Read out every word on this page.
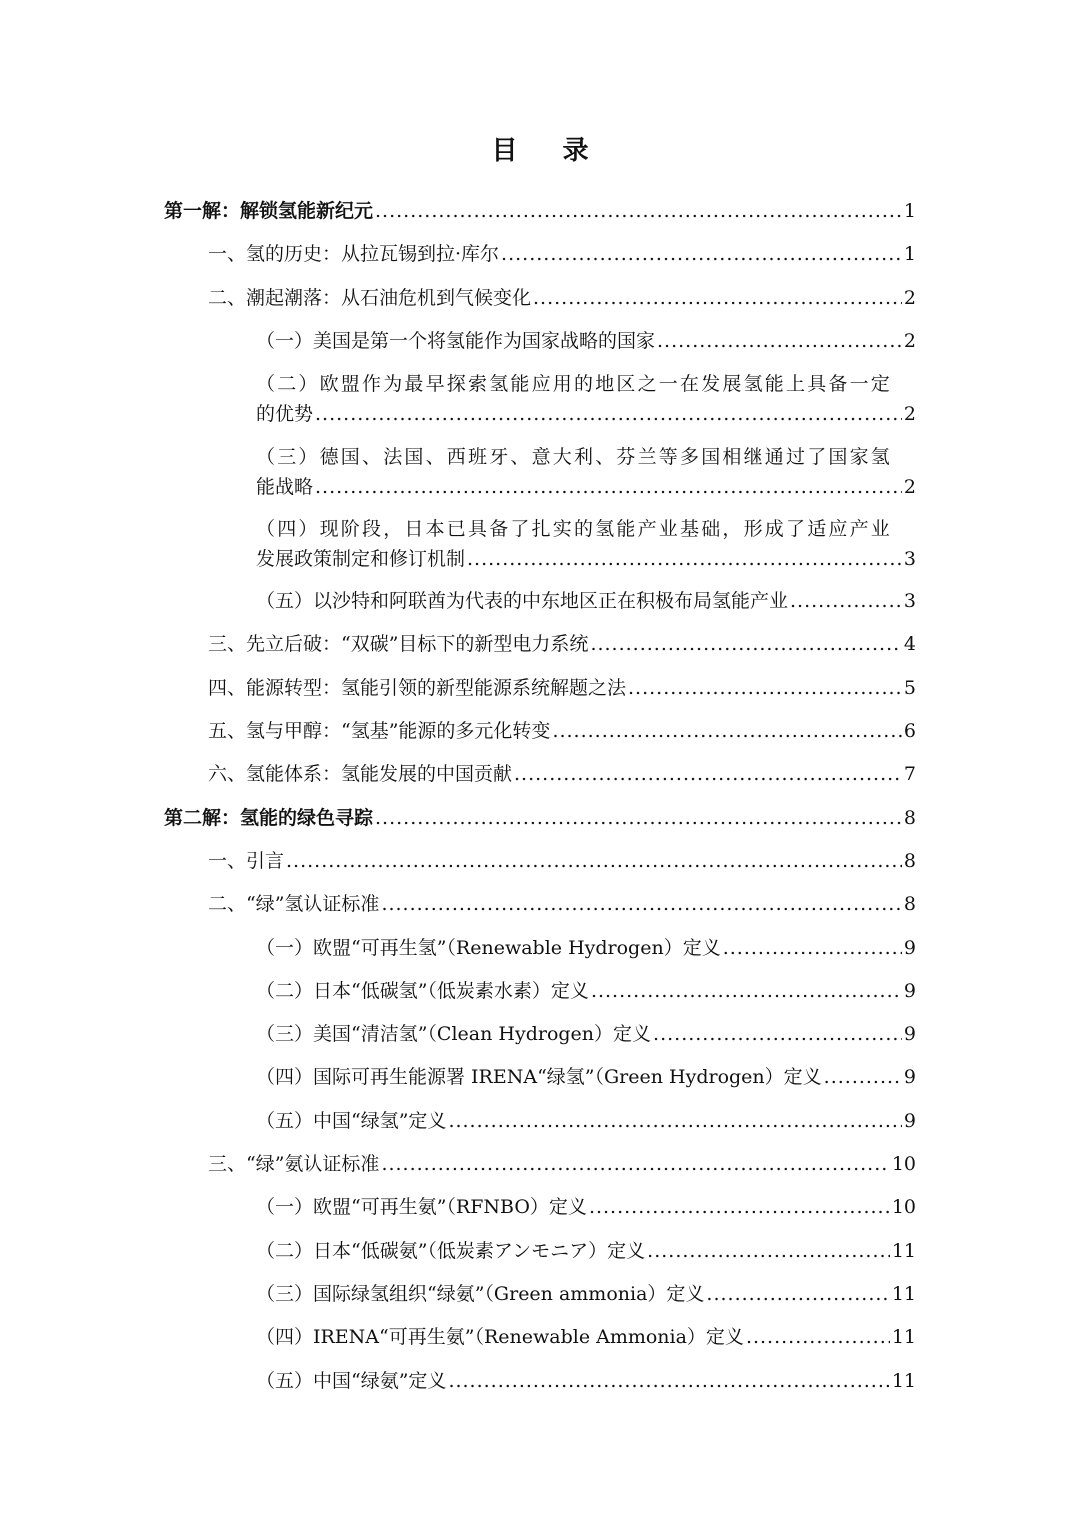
目 录
第一解：解锁氢能新纪元 .....	1
一、氢的历史：从拉瓦锡到拉·库尔 .....	1
二、潮起潮落：从石油危机到气候变化 .....	2
（一）美国是第一个将氢能作为国家战略的国家 .....	2
（二）欧盟作为最早探索氢能应用的地区之一在发展氢能上具备一定
的优势 .....	2
（三）德国、法国、西班牙、意大利、芬兰等多国相继通过了国家氢
能战略 .....	2
（四）现阶段，日本已具备了扎实的氢能产业基础，形成了适应产业
发展政策制定和修订机制 .....	3
（五）以沙特和阿联酋为代表的中东地区正在积极布局氢能产业 .....	3
三、先立后破：“双碳”目标下的新型电力系统 .....	4
四、能源转型：氢能引领的新型能源系统解题之法 .....	5
五、氢与甲醇：“氢基”能源的多元化转变 .....	6
六、氢能体系：氢能发展的中国贡献 .....	7
第二解：氢能的绿色寻踪 .....	8
一、引言 .....	8
二、“绿”氢认证标准 .....	8
（一）欧盟“可再生氢”（Renewable Hydrogen）定义 .....	9
（二）日本“低碳氢”（低炭素水素）定义 .....	9
（三）美国“清洁氢”（Clean Hydrogen）定义 .....	9
（四）国际可再生能源署 IRENA“绿氢”（Green Hydrogen）定义 .....	9
（五）中国“绿氢”定义 .....	9
三、“绿”氨认证标准 .....	10
（一）欧盟“可再生氨”（RFNBO）定义 .....	10
（二）日本“低碳氨”（低炭素アンモニア）定义 .....	11
（三）国际绿氢组织“绿氨”（Green ammonia）定义 .....	11
（四）IRENA“可再生氨”（Renewable Ammonia）定义 .....	11
（五）中国“绿氨”定义 .....	11
